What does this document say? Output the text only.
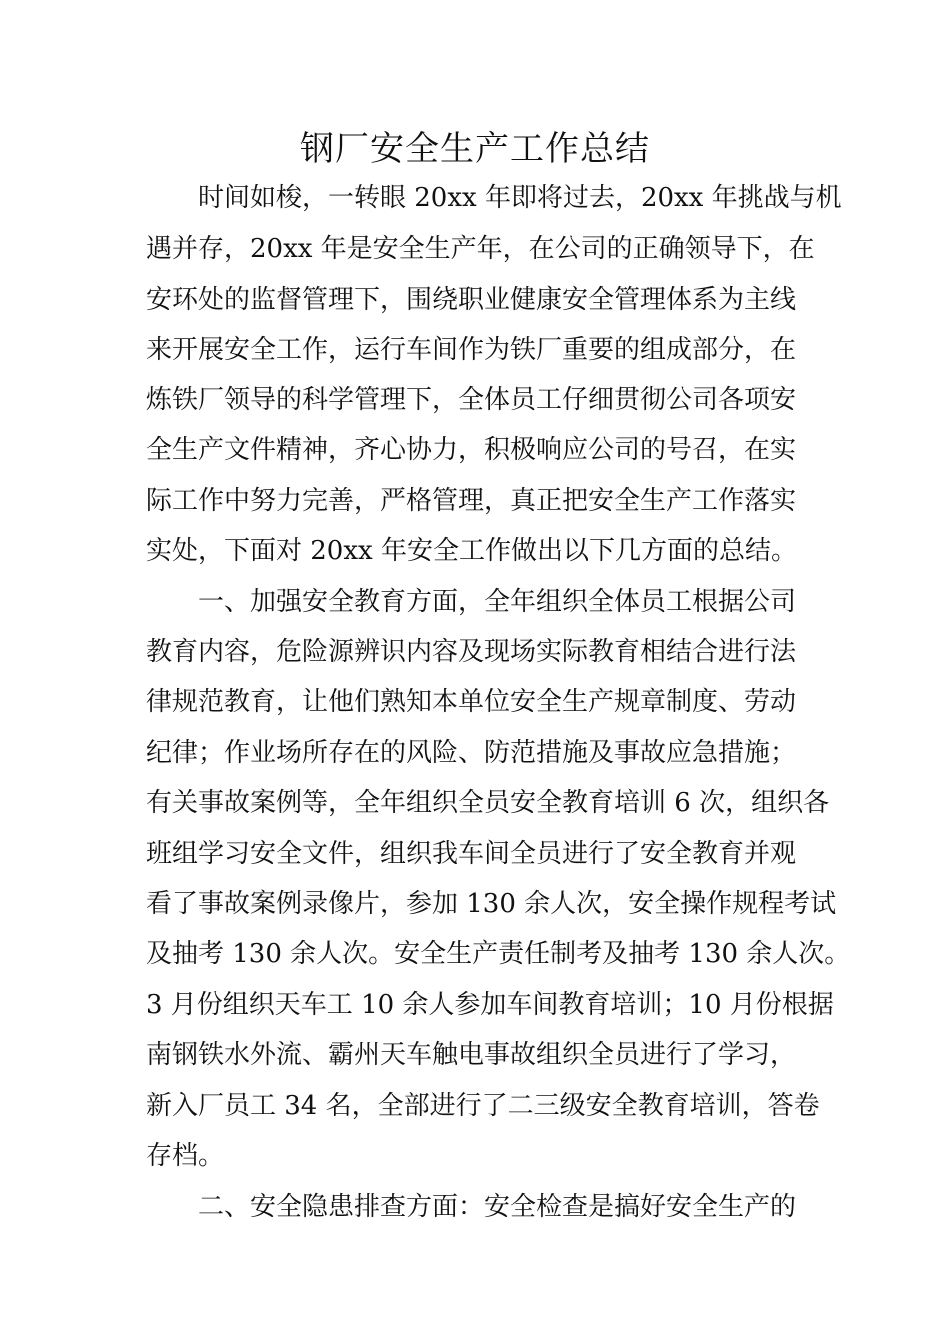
钢厂安全生产工作总结
时间如梭，一转眼 20xx 年即将过去，20xx 年挑战与机
遇并存，20xx 年是安全生产年，在公司的正确领导下，在
安环处的监督管理下，围绕职业健康安全管理体系为主线
来开展安全工作，运行车间作为铁厂重要的组成部分，在
炼铁厂领导的科学管理下，全体员工仔细贯彻公司各项安
全生产文件精神，齐心协力，积极响应公司的号召，在实
际工作中努力完善，严格管理，真正把安全生产工作落实
实处，下面对 20xx 年安全工作做出以下几方面的总结。
一、加强安全教育方面，全年组织全体员工根据公司
教育内容，危险源辨识内容及现场实际教育相结合进行法
律规范教育，让他们熟知本单位安全生产规章制度、劳动
纪律；作业场所存在的风险、防范措施及事故应急措施；
有关事故案例等，全年组织全员安全教育培训 6 次，组织各
班组学习安全文件，组织我车间全员进行了安全教育并观
看了事故案例录像片，参加 130 余人次，安全操作规程考试
及抽考 130 余人次。安全生产责任制考及抽考 130 余人次。
3 月份组织天车工 10 余人参加车间教育培训；10 月份根据
南钢铁水外流、霸州天车触电事故组织全员进行了学习，
新入厂员工 34 名，全部进行了二三级安全教育培训，答卷
存档。
二、安全隐患排查方面：安全检查是搞好安全生产的
